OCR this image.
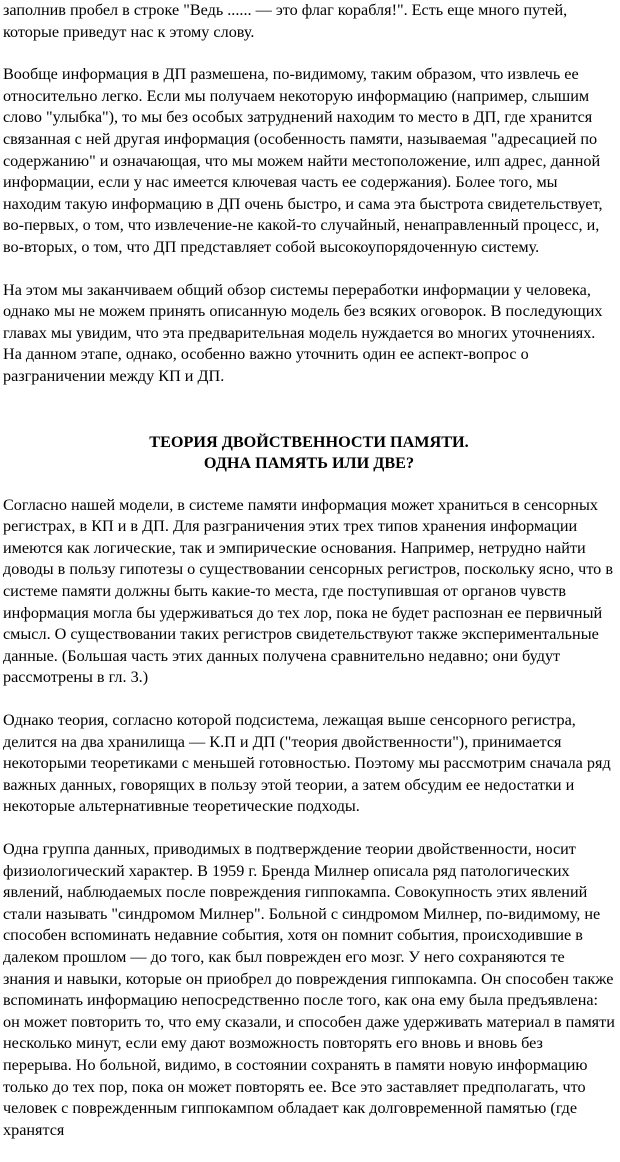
заполнив пробел в строке "Ведь ...... — это флаг корабля!". Есть еще много путей, которые приведут нас к этому слову.

Вообще информация в ДП размешена, по-видимому, таким образом, что извлечь ее относительно легко. Если мы получаем некоторую информацию (например, слышим слово "улыбка"), то мы без особых затруднений находим то место в ДП, где хранится связанная с ней другая информация (особенность памяти, называемая "адресацией по содержанию" и означающая, что мы можем найти местоположение, илп адрес, данной информации, если у нас имеется ключевая часть ее содержания). Более того, мы находим такую информацию в ДП очень быстро, и сама эта быстрота свидетельствует, во-первых, о том, что извлечение-не какой-то случайный, ненаправленный процесс, и, во-вторых, о том, что ДП представляет собой высокоупорядоченную систему.

На этом мы заканчиваем общий обзор системы переработки информации у человека, однако мы не можем принять описанную модель без всяких оговорок. В последующих главах мы увидим, что эта предварительная модель нуждается во многих уточнениях. На данном этапе, однако, особенно важно уточнить один ее аспект-вопрос о разграничении между КП и ДП.

ТЕОРИЯ ДВОЙСТВЕННОСТИ ПАМЯТИ.
ОДНА ПАМЯТЬ ИЛИ ДВЕ?

Согласно нашей модели, в системе памяти информация может храниться в сенсорных регистрах, в КП и в ДП. Для разграничения этих трех типов хранения информации имеются как логические, так и эмпирические основания. Например, нетрудно найти доводы в пользу гипотезы о существовании сенсорных регистров, поскольку ясно, что в системе памяти должны быть какие-то места, где поступившая от органов чувств информация могла бы удерживаться до тех лор, пока не будет распознан ее первичный смысл. О существовании таких регистров свидетельствуют также экспериментальные данные. (Большая часть этих данных получена сравнительно недавно; они будут рассмотрены в гл. 3.)

Однако теория, согласно которой подсистема, лежащая выше сенсорного регистра, делится на два хранилища — К.П и ДП ("теория двойственности"), принимается некоторыми теоретиками с меньшей готовностью. Поэтому мы рассмотрим сначала ряд важных данных, говорящих в пользу этой теории, а затем обсудим ее недостатки и некоторые альтернативные теоретические подходы.

Одна группа данных, приводимых в подтверждение теории двойственности, носит физиологический характер. В 1959 г. Бренда Милнер описала ряд патологических явлений, наблюдаемых после повреждения гиппокампа. Совокупность этих явлений стали называть "синдромом Милнер". Больной с синдромом Милнер, по-видимому, не способен вспоминать недавние события, хотя он помнит события, происходившие в далеком прошлом — до того, как был поврежден его мозг. У него сохраняются те знания и навыки, которые он приобрел до повреждения гиппокампа. Он способен также вспоминать информацию непосредственно после того, как она ему была предъявлена: он может повторить то, что ему сказали, и способен даже удерживать материал в памяти несколько минут, если ему дают возможность повторять его вновь и вновь без перерыва. Но больной, видимо, в состоянии сохранять в памяти новую информацию только до тех пор, пока он может повторять ее. Все это заставляет предполагать, что человек с поврежденным гиппокампом обладает как долговременной памятью (где хранятся
